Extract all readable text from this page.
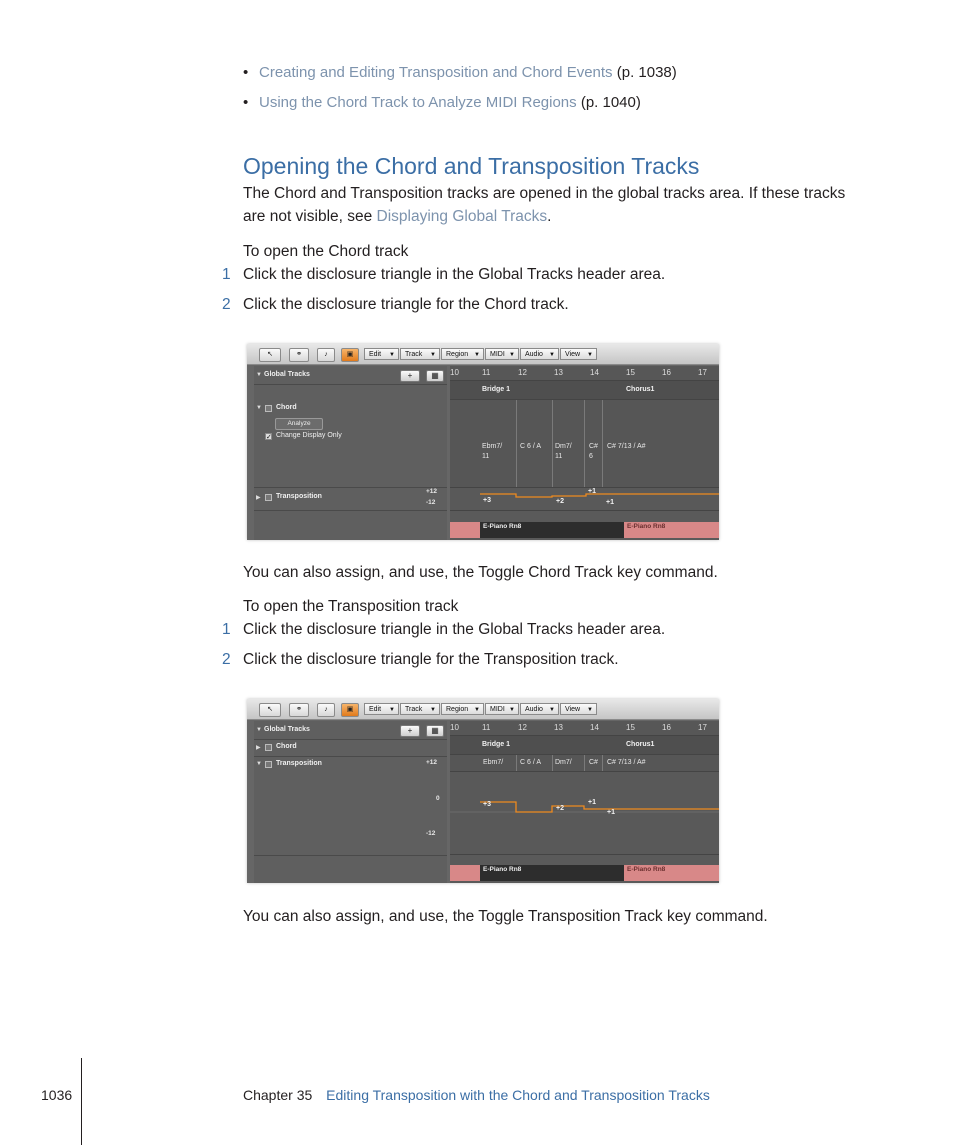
• Creating and Editing Transposition and Chord Events (p. 1038)
• Using the Chord Track to Analyze MIDI Regions (p. 1040)
Opening the Chord and Transposition Tracks
The Chord and Transposition tracks are opened in the global tracks area. If these tracks
are not visible, see Displaying Global Tracks.
To open the Chord track
1 Click the disclosure triangle in the Global Tracks header area.
2 Click the disclosure triangle for the Chord track.
↖	⚭	♪	▣	Edit ▼	Track ▼	Region ▼	MIDI ▼	Audio ▼	View ▼
▼ Global Tracks	+	▦
▼ Chord
Analyze
✓ Change Display Only
▶ Transposition
+12
-12
10	11	12	13	14	15	16	17
Bridge 1	Chorus1
Ebm7/
11
C 6 / A Dm7/
11
C#
6
C# 7/13 / A#
+3	+2
+1
+1
E-Piano Rn8	E-Piano Rn8
You can also assign, and use, the Toggle Chord Track key command.
To open the Transposition track
1 Click the disclosure triangle in the Global Tracks header area.
2 Click the disclosure triangle for the Transposition track.
↖	⚭	♪	▣	Edit ▼	Track ▼	Region ▼	MIDI ▼	Audio ▼	View ▼
▼ Global Tracks	+	▦
▶ Chord
▼ Transposition	+12
0
-12
10	11	12	13	14	15	16	17
Bridge 1	Chorus1
Ebm7/ C 6 / A Dm7/ C# C# 7/13 / A#
+3
+2
+1
+1
E-Piano Rn8	E-Piano Rn8
You can also assign, and use, the Toggle Transposition Track key command.
1036	Chapter 35 Editing Transposition with the Chord and Transposition Tracks
